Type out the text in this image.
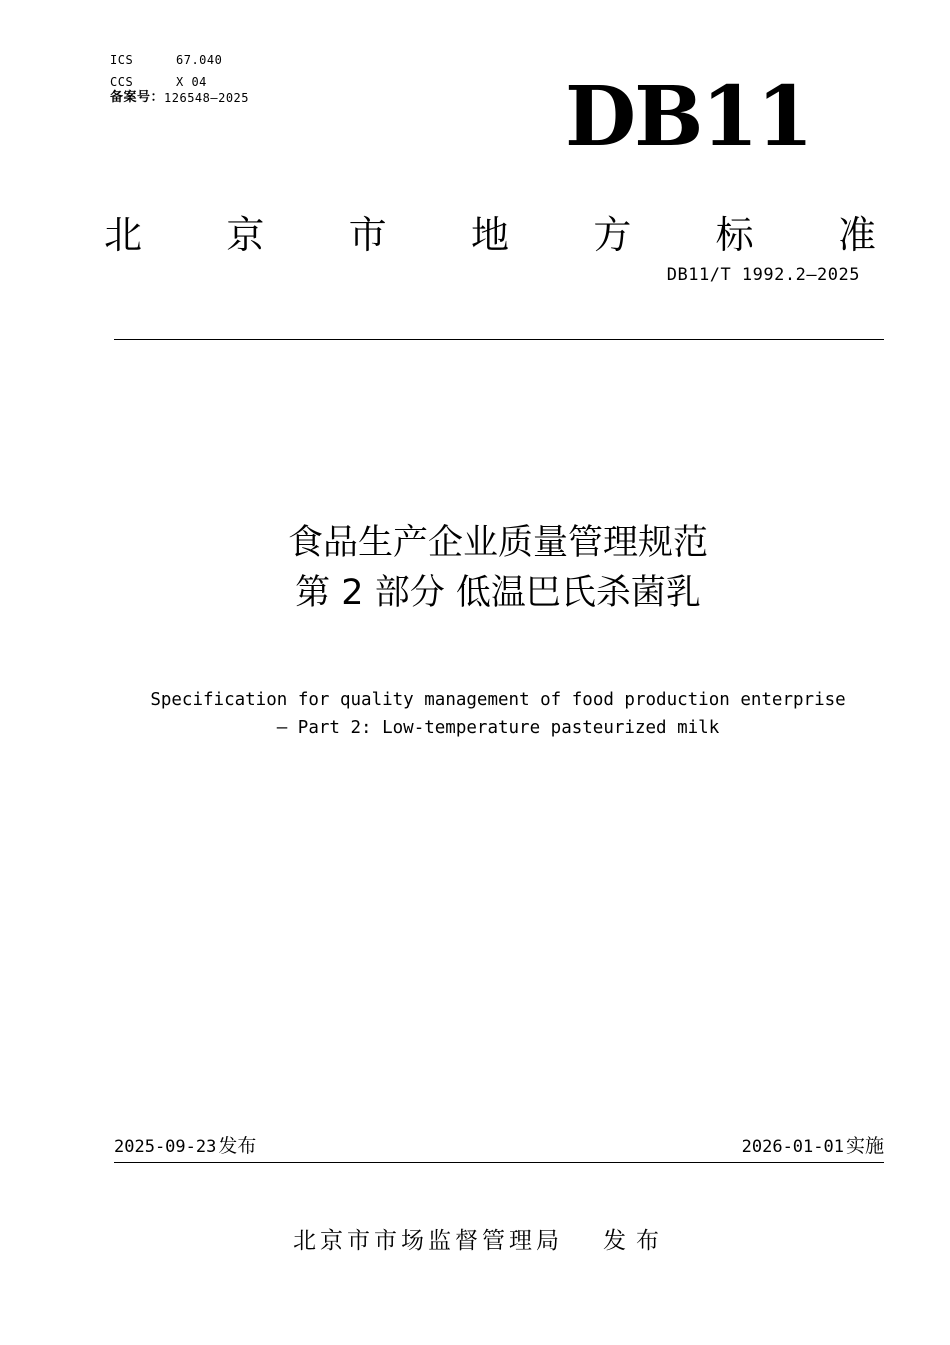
ICS	67.040
CCS	X 04
备案号： 126548—2025	DB11
北 京 市 地 方 标 准
DB11/T 1992.2—2025
食品生产企业质量管理规范
第 2 部分 低温巴氏杀菌乳
Specification for quality management of food production enterprise
— Part 2: Low-temperature pasteurized milk
2025-09-23 发布	2026-01-01 实施
北京市市场监督管理局 发布
